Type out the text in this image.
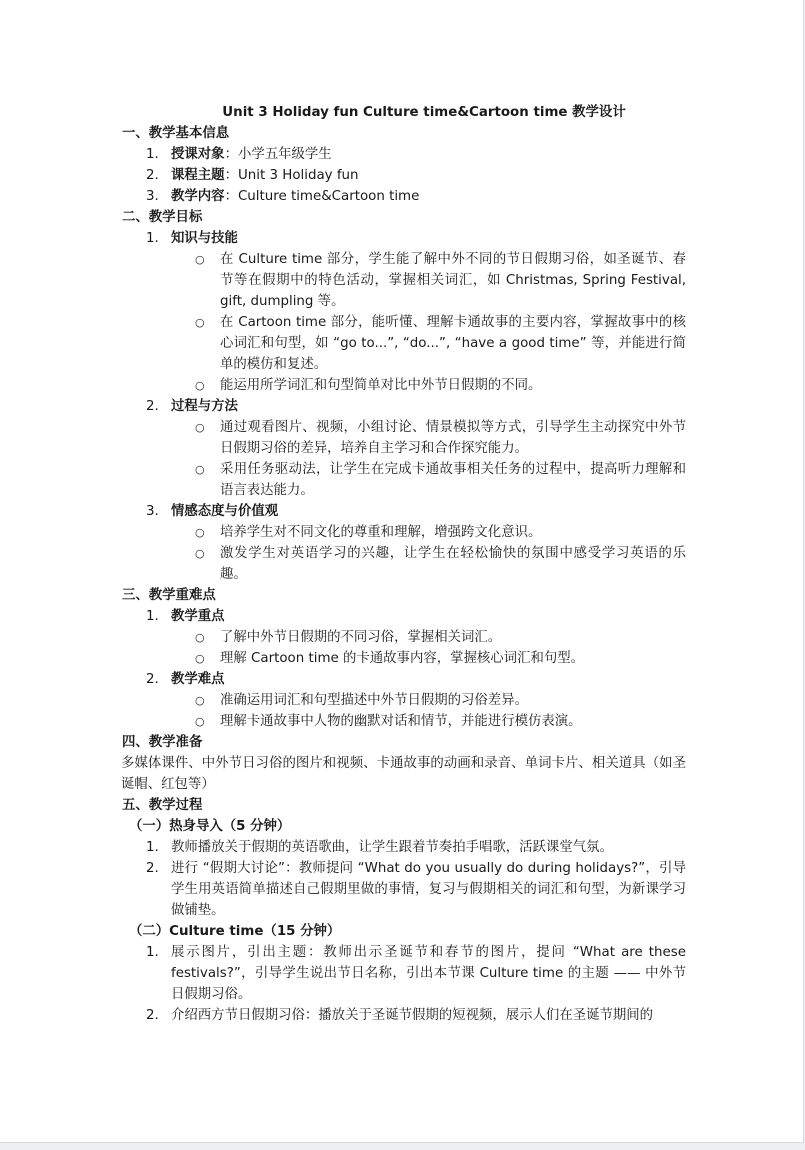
Unit 3 Holiday fun Culture time&Cartoon time 教学设计
一、教学基本信息
1. 授课对象：小学五年级学生
2. 课程主题：Unit 3 Holiday fun
3. 教学内容：Culture time&Cartoon time
二、教学目标
1. 知识与技能
○ 在 Culture time 部分，学生能了解中外不同的节日假期习俗，如圣诞节、春节等在假期中的特色活动，掌握相关词汇，如 Christmas, Spring Festival, gift, dumpling 等。
○ 在 Cartoon time 部分，能听懂、理解卡通故事的主要内容，掌握故事中的核心词汇和句型，如 “go to...”, “do...”, “have a good time” 等，并能进行简单的模仿和复述。
○ 能运用所学词汇和句型简单对比中外节日假期的不同。
2. 过程与方法
○ 通过观看图片、视频，小组讨论、情景模拟等方式，引导学生主动探究中外节日假期习俗的差异，培养自主学习和合作探究能力。
○ 采用任务驱动法，让学生在完成卡通故事相关任务的过程中，提高听力理解和语言表达能力。
3. 情感态度与价值观
○ 培养学生对不同文化的尊重和理解，增强跨文化意识。
○ 激发学生对英语学习的兴趣，让学生在轻松愉快的氛围中感受学习英语的乐趣。
三、教学重难点
1. 教学重点
○ 了解中外节日假期的不同习俗，掌握相关词汇。
○ 理解 Cartoon time 的卡通故事内容，掌握核心词汇和句型。
2. 教学难点
○ 准确运用词汇和句型描述中外节日假期的习俗差异。
○ 理解卡通故事中人物的幽默对话和情节，并能进行模仿表演。
四、教学准备
多媒体课件、中外节日习俗的图片和视频、卡通故事的动画和录音、单词卡片、相关道具（如圣诞帽、红包等）
五、教学过程
（一）热身导入（5 分钟）
1. 教师播放关于假期的英语歌曲，让学生跟着节奏拍手唱歌，活跃课堂气氛。
2. 进行 “假期大讨论”：教师提问 “What do you usually do during holidays?”，引导学生用英语简单描述自己假期里做的事情，复习与假期相关的词汇和句型，为新课学习做铺垫。
（二）Culture time（15 分钟）
1. 展示图片，引出主题：教师出示圣诞节和春节的图片，提问 “What are these festivals?”，引导学生说出节日名称，引出本节课 Culture time 的主题 —— 中外节日假期习俗。
2. 介绍西方节日假期习俗：播放关于圣诞节假期的短视频，展示人们在圣诞节期间的
